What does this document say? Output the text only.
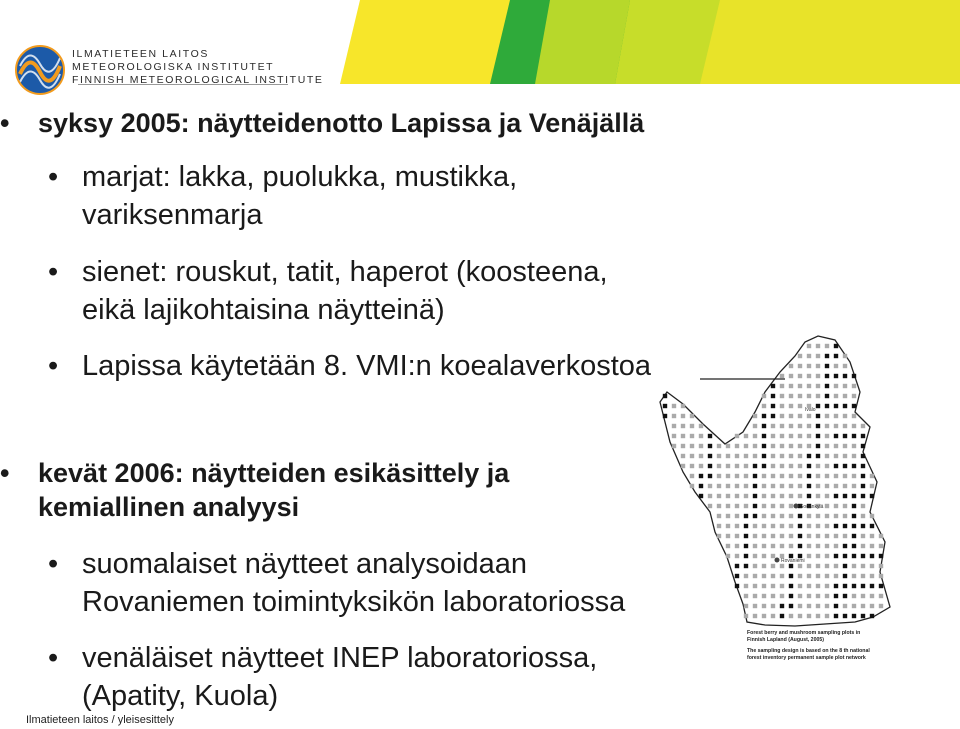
ILMATIETEEN LAITOS
METEOROLOGISKA INSTITUTET
FINNISH METEOROLOGICAL INSTITUTE
• syksy 2005: näytteidenotto Lapissa ja Venäjällä
• marjat: lakka, puolukka, mustikka,
variksenmarja
• sienet: rouskut, tatit, haperot (koosteena,
eikä lajikohtaisina näytteinä)
• Lapissa käytetään 8. VMI:n koealaverkostoa
• kevät 2006: näytteiden esikäsittely ja
kemiallinen analyysi
• suomalaiset näytteet analysoidaan
Rovaniemen toimintyksikön laboratoriossa
• venäläiset näytteet INEP laboratoriossa,
(Apatity, Kuola)
Ivalo
Sodankylä
Rovaniemi
Forest berry and mushroom sampling plots in
Finnish Lapland (August, 2005)
The sampling design is based on the 8 th national
forest inventory permanent sample plot network
Ilmatieteen laitos / yleisesittely
